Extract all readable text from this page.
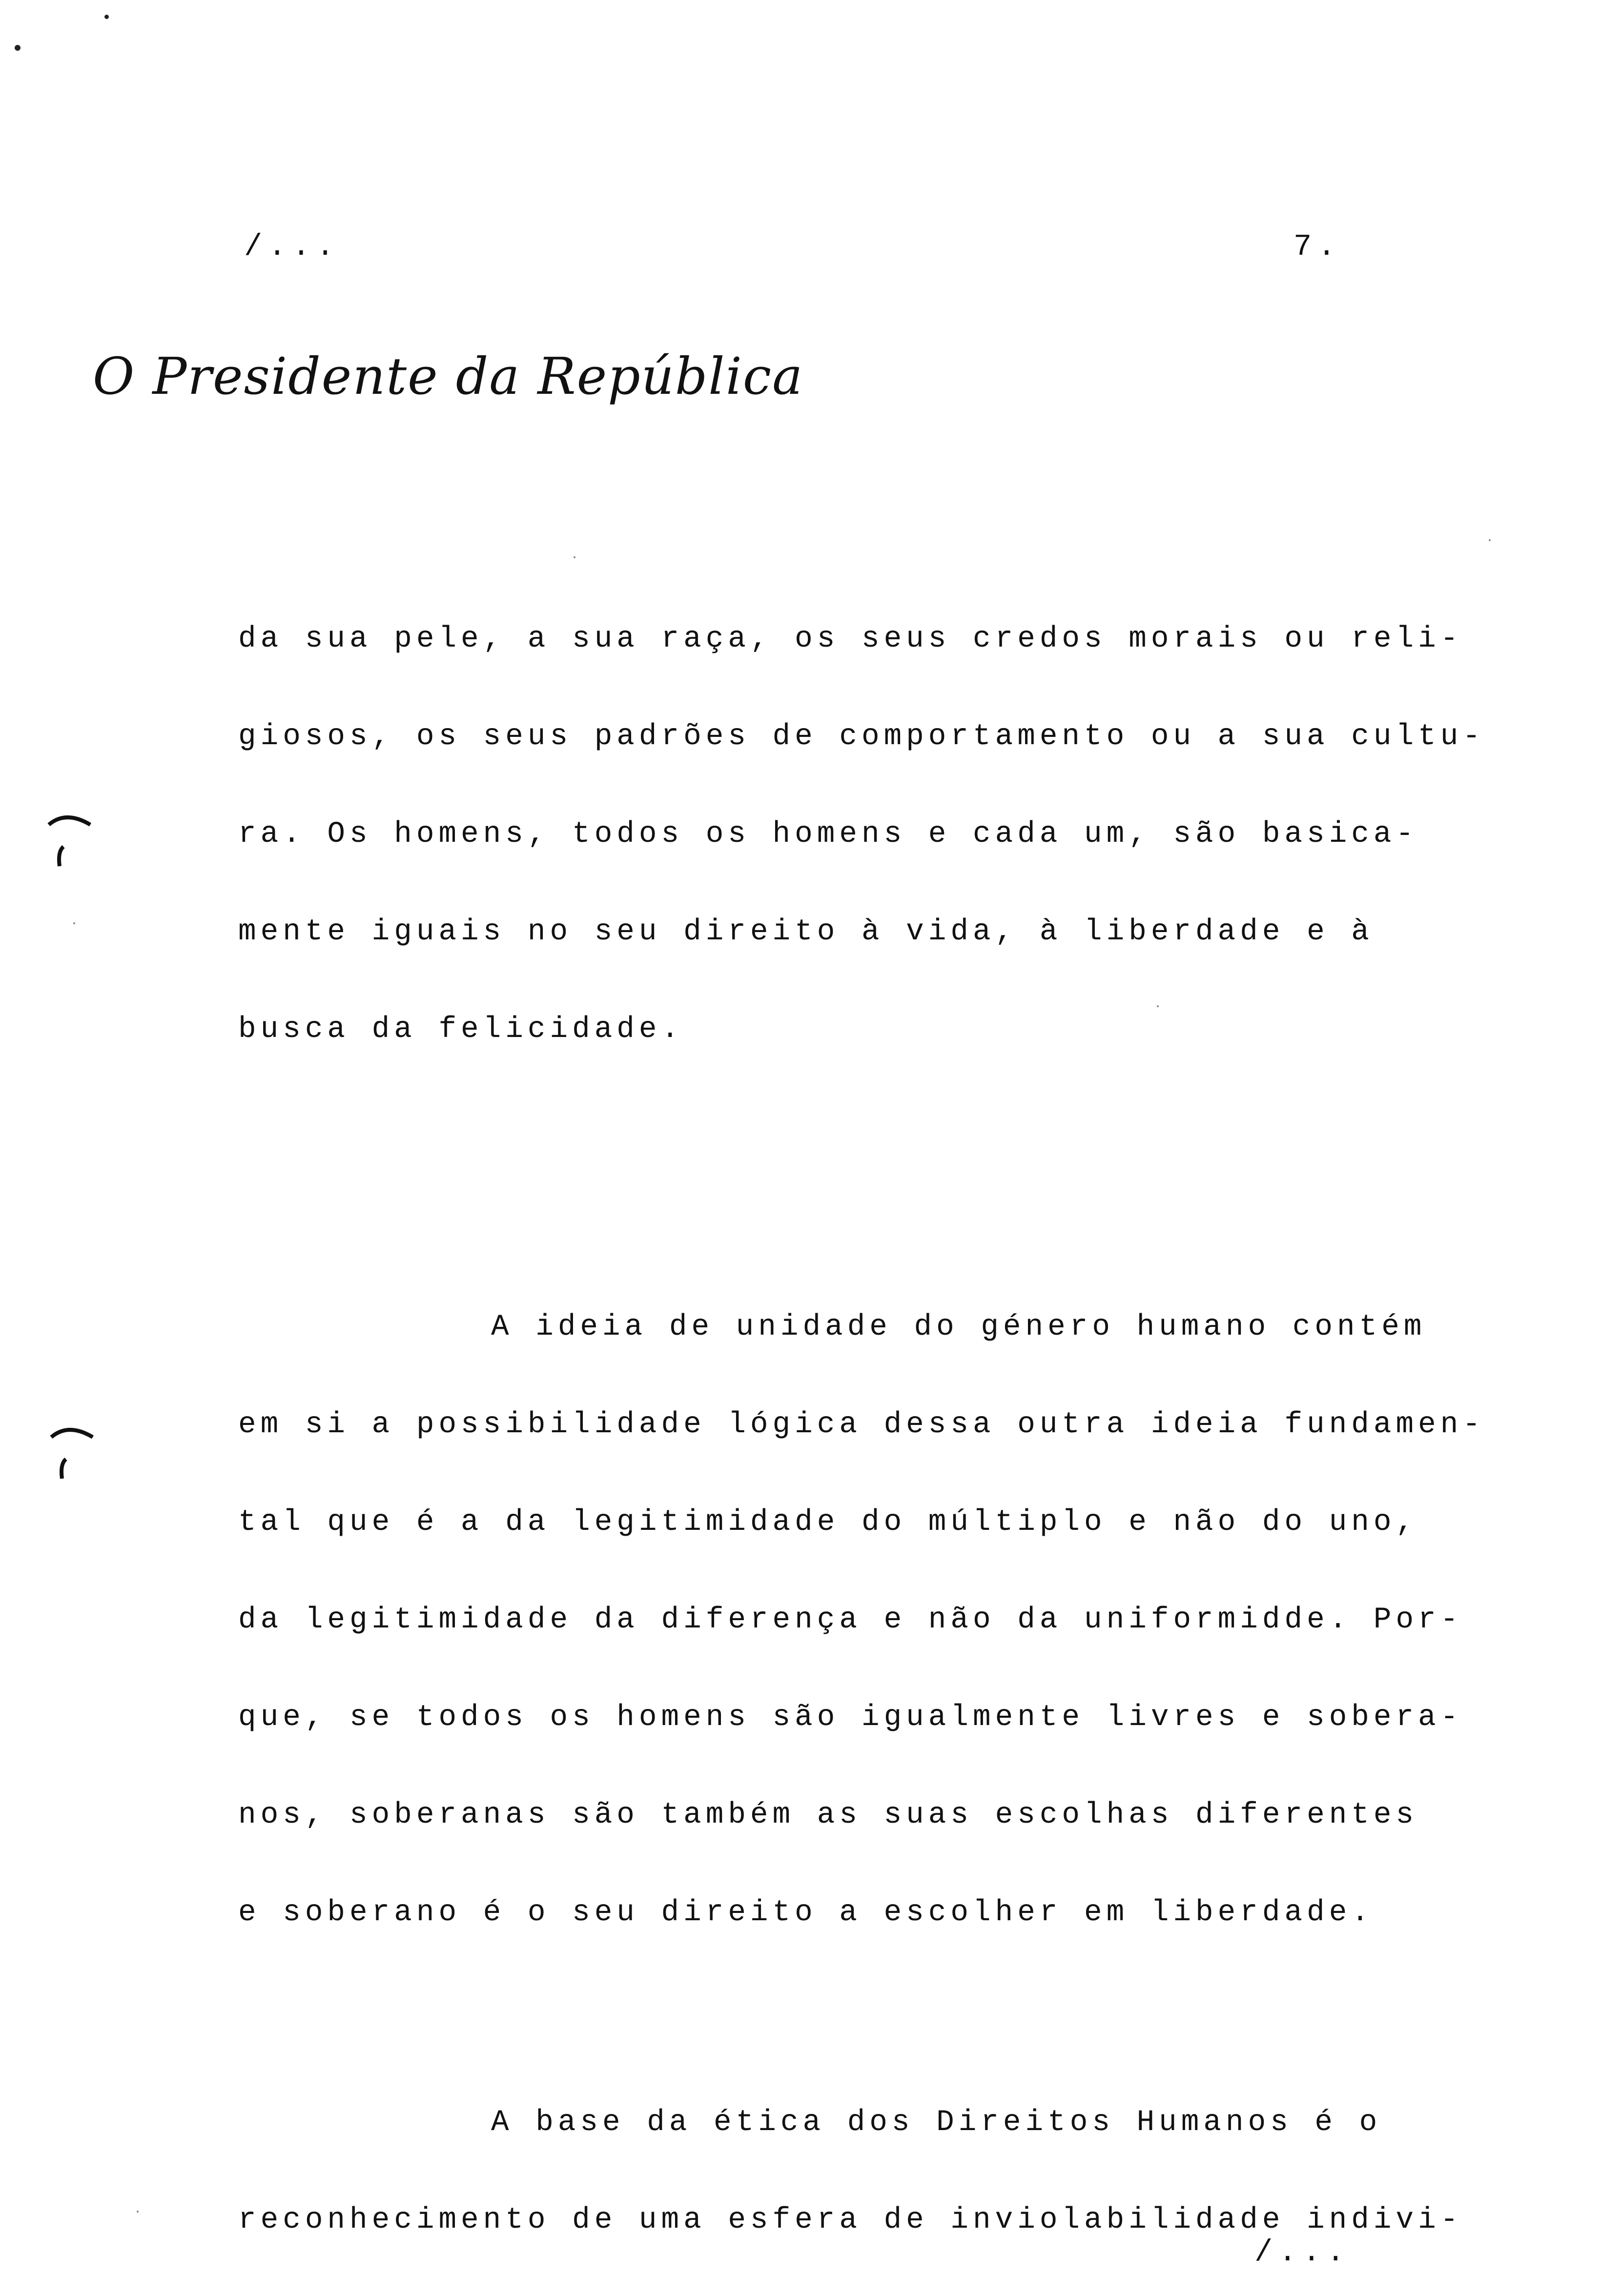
/...	7.
O Presidente da República
da sua pele, a sua raça, os seus credos morais ou reli-
giosos, os seus padrões de comportamento ou a sua cultu-
ra. Os homens, todos os homens e cada um, são basica-
mente iguais no seu direito à vida, à liberdade e à
busca da felicidade.
A ideia de unidade do género humano contém
em si a possibilidade lógica dessa outra ideia fundamen-
tal que é a da legitimidade do múltiplo e não do uno,
da legitimidade da diferença e não da uniformidde. Por-
que, se todos os homens são igualmente livres e sobera-
nos, soberanas são também as suas escolhas diferentes
e soberano é o seu direito a escolher em liberdade.
A base da ética dos Direitos Humanos é o
reconhecimento de uma esfera de inviolabilidade indivi-
/...
